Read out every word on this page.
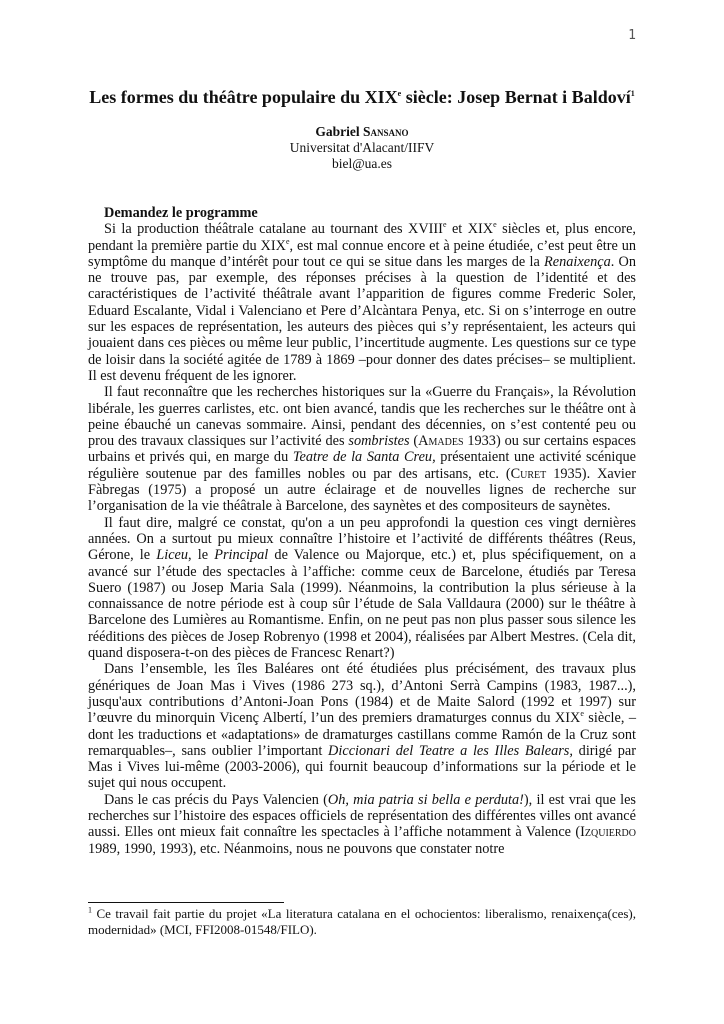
1
Les formes du théâtre populaire du XIXe siècle: Josep Bernat i Baldoví$^1$
Gabriel Sansano
Universitat d'Alacant/IIFV
biel@ua.es
Demandez le programme

Si la production théâtrale catalane au tournant des XVIIIe et XIXe siècles et, plus encore, pendant la première partie du XIXe, est mal connue encore et à peine étudiée, c’est peut être un symptôme du manque d’intérêt pour tout ce qui se situe dans les marges de la Renaixença. On ne trouve pas, par exemple, des réponses précises à la question de l’identité et des caractéristiques de l’activité théâtrale avant l’apparition de figures comme Frederic Soler, Eduard Escalante, Vidal i Valenciano et Pere d’Alcàntara Penya, etc. Si on s’interroge en outre sur les espaces de représentation, les auteurs des pièces qui s’y représentaient, les acteurs qui jouaient dans ces pièces ou même leur public, l’incertitude augmente. Les questions sur ce type de loisir dans la société agitée de 1789 à 1869 –pour donner des dates précises– se multiplient. Il est devenu fréquent de les ignorer.

Il faut reconnaître que les recherches historiques sur la «Guerre du Français», la Révolution libérale, les guerres carlistes, etc. ont bien avancé, tandis que les recherches sur le théâtre ont à peine ébauché un canevas sommaire. Ainsi, pendant des décennies, on s’est contenté peu ou prou des travaux classiques sur l’activité des sombristes (Amades 1933) ou sur certains espaces urbains et privés qui, en marge du Teatre de la Santa Creu, présentaient une activité scénique régulière soutenue par des familles nobles ou par des artisans, etc. (Curet 1935). Xavier Fàbregas (1975) a proposé un autre éclairage et de nouvelles lignes de recherche sur l’organisation de la vie théâtrale à Barcelone, des saynètes et des compositeurs de saynètes.

Il faut dire, malgré ce constat, qu'on a un peu approfondi la question ces vingt dernières années. On a surtout pu mieux connaître l’histoire et l’activité de différents théâtres (Reus, Gérone, le Liceu, le Principal de Valence ou Majorque, etc.) et, plus spécifiquement, on a avancé sur l’étude des spectacles à l’affiche: comme ceux de Barcelone, étudiés par Teresa Suero (1987) ou Josep Maria Sala (1999). Néanmoins, la contribution la plus sérieuse à la connaissance de notre période est à coup sûr l’étude de Sala Valldaura (2000) sur le théâtre à Barcelone des Lumières au Romantisme. Enfin, on ne peut pas non plus passer sous silence les rééditions des pièces de Josep Robrenyo (1998 et 2004), réalisées par Albert Mestres. (Cela dit, quand disposera-t-on des pièces de Francesc Renart?)

Dans l’ensemble, les îles Baléares ont été étudiées plus précisément, des travaux plus génériques de Joan Mas i Vives (1986 273 sq.), d’Antoni Serrà Campins (1983, 1987...), jusqu'aux contributions d’Antoni-Joan Pons (1984) et de Maite Salord (1992 et 1997) sur l’œuvre du minorquin Vicenç Albertí, l’un des premiers dramaturges connus du XIXe siècle, – dont les traductions et «adaptations» de dramaturges castillans comme Ramón de la Cruz sont remarquables–, sans oublier l’important Diccionari del Teatre a les Illes Balears, dirigé par Mas i Vives lui-même (2003-2006), qui fournit beaucoup d’informations sur la période et le sujet qui nous occupent.

Dans le cas précis du Pays Valencien (Oh, mia patria si bella e perduta!), il est vrai que les recherches sur l’histoire des espaces officiels de représentation des différentes villes ont avancé aussi. Elles ont mieux fait connaître les spectacles à l’affiche notamment à Valence (Izquierdo 1989, 1990, 1993), etc. Néanmoins, nous ne pouvons que constater notre

$^1$ Ce travail fait partie du projet «La literatura catalana en el ochocientos: liberalismo, renaixença(ces), modernidad» (MCI, FFI2008-01548/FILO).
